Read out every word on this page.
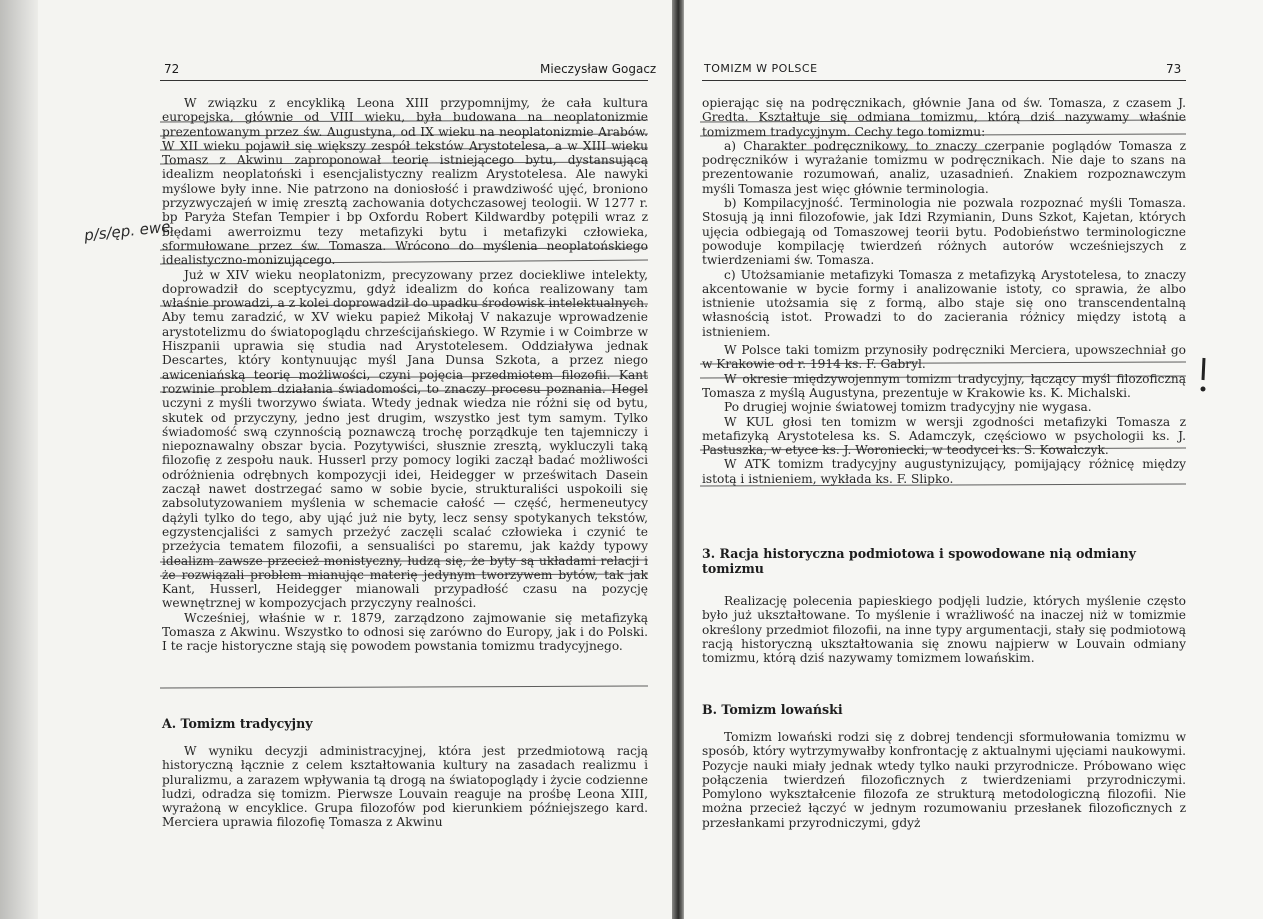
72	Mieczysław Gogacz
p/s/ęp. ewe

W związku z encykliką Leona XIII przypomnijmy, że cała kultura europejska, głównie od VIII wieku, była budowana na neoplatonizmie prezentowanym przez św. Augustyna, od IX wieku na neoplatonizmie Arabów. W XII wieku pojawił się większy zespół tekstów Arystotelesa, a w XIII wieku Tomasz z Akwinu zaproponował teorię istniejącego bytu, dystansującą idealizm neoplatoński i esencjalistyczny realizm Arystotelesa. Ale nawyki myślowe były inne. Nie patrzono na doniosłość i prawdziwość ujęć, broniono przyzwyczajeń w imię zresztą zachowania dotychczasowej teologii. W 1277 r. bp Paryża Stefan Tempier i bp Oxfordu Robert Kildwardby potępili wraz z błędami awerroizmu tezy metafizyki bytu i metafizyki człowieka, sformułowane przez św. Tomasza. Wrócono do myślenia neoplatońskiego idealistyczno-monizującego.

Już w XIV wieku neoplatonizm, precyzowany przez dociekliwe intelekty, doprowadził do sceptycyzmu, gdyż idealizm do końca realizowany tam właśnie prowadzi, a z kolei doprowadził do upadku środowisk intelektualnych. Aby temu zaradzić, w XV wieku papież Mikołaj V nakazuje wprowadzenie arystotelizmu do światopoglądu chrześcijańskiego. W Rzymie i w Coimbrze w Hiszpanii uprawia się studia nad Arystotelesem. Oddziaływa jednak Descartes, który kontynuując myśl Jana Dunsa Szkota, a przez niego awiceniańską teorię możliwości, czyni pojęcia przedmiotem filozofii. Kant rozwinie problem działania świadomości, to znaczy procesu poznania. Hegel uczyni z myśli tworzywo świata. Wtedy jednak wiedza nie różni się od bytu, skutek od przyczyny, jedno jest drugim, wszystko jest tym samym. Tylko świadomość swą czynnością poznawczą trochę porządkuje ten tajemniczy i niepoznawalny obszar bycia. Pozytywiści, słusznie zresztą, wykluczyli taką filozofię z zespołu nauk. Husserl przy pomocy logiki zaczął badać możliwości odróżnienia odrębnych kompozycji idei, Heidegger w prześwitach Dasein zaczął nawet dostrzegać samo w sobie bycie, strukturaliści uspokoili się zabsolutyzowaniem myślenia w schemacie całość — część, hermeneutycy dążyli tylko do tego, aby ująć już nie byty, lecz sensy spotykanych tekstów, egzystencjaliści z samych przeżyć zaczęli scalać człowieka i czynić te przeżycia tematem filozofii, a sensualiści po staremu, jak każdy typowy idealizm zawsze przecież monistyczny, łudzą się, że byty są układami relacji i że rozwiązali problem mianując materię jedynym tworzywem bytów, tak jak Kant, Husserl, Heidegger mianowali przypadłość czasu na pozycję wewnętrznej w kompozycjach przyczyny realności.

Wcześniej, właśnie w r. 1879, zarządzono zajmowanie się metafizyką Tomasza z Akwinu. Wszystko to odnosi się zarówno do Europy, jak i do Polski. I te racje historyczne stają się powodem powstania tomizmu tradycyjnego.

A. Tomizm tradycyjny

W wyniku decyzji administracyjnej, która jest przedmiotową racją historyczną łącznie z celem kształtowania kultury na zasadach realizmu i pluralizmu, a zarazem wpływania tą drogą na światopoglądy i życie codzienne ludzi, odradza się tomizm. Pierwsze Louvain reaguje na prośbę Leona XIII, wyrażoną w encyklice. Grupa filozofów pod kierunkiem późniejszego kard. Merciera uprawia filozofię Tomasza z Akwinu

TOMIZM W POLSCE	73

opierając się na podręcznikach, głównie Jana od św. Tomasza, z czasem J. Gredta. Kształtuje się odmiana tomizmu, którą dziś nazywamy właśnie tomizmem tradycyjnym. Cechy tego tomizmu:

a) Charakter podręcznikowy, to znaczy czerpanie poglądów Tomasza z podręczników i wyrażanie tomizmu w podręcznikach. Nie daje to szans na prezentowanie rozumowań, analiz, uzasadnień. Znakiem rozpoznawczym myśli Tomasza jest więc głównie terminologia.

b) Kompilacyjność. Terminologia nie pozwala rozpoznać myśli Tomasza. Stosują ją inni filozofowie, jak Idzi Rzymianin, Duns Szkot, Kajetan, których ujęcia odbiegają od Tomaszowej teorii bytu. Podobieństwo terminologiczne powoduje kompilację twierdzeń różnych autorów wcześniejszych z twierdzeniami św. Tomasza.

c) Utożsamianie metafizyki Tomasza z metafizyką Arystotelesa, to znaczy akcentowanie w bycie formy i analizowanie istoty, co sprawia, że albo istnienie utożsamia się z formą, albo staje się ono transcendentalną własnością istot. Prowadzi to do zacierania różnicy między istotą a istnieniem.

W Polsce taki tomizm przynosiły podręczniki Merciera, upowszechniał go w Krakowie od r. 1914 ks. F. Gabryl.

W okresie międzywojennym tomizm tradycyjny, łączący myśl filozoficzną Tomasza z myślą Augustyna, prezentuje w Krakowie ks. K. Michalski.

Po drugiej wojnie światowej tomizm tradycyjny nie wygasa.

W KUL głosi ten tomizm w wersji zgodności metafizyki Tomasza z metafizyką Arystotelesa ks. S. Adamczyk, częściowo w psychologii ks. J. Pastuszka, w etyce ks. J. Woroniecki, w teodycei ks. S. Kowalczyk.

W ATK tomizm tradycyjny augustynizujący, pomijający różnicę między istotą i istnieniem, wykłada ks. F. Slipko.

3. Racja historyczna podmiotowa i spowodowane nią odmiany tomizmu

Realizację polecenia papieskiego podjęli ludzie, których myślenie często było już ukształtowane. To myślenie i wrażliwość na inaczej niż w tomizmie określony przedmiot filozofii, na inne typy argumentacji, stały się podmiotową racją historyczną ukształtowania się znowu najpierw w Louvain odmiany tomizmu, którą dziś nazywamy tomizmem lowańskim.

B. Tomizm lowański

Tomizm lowański rodzi się z dobrej tendencji sformułowania tomizmu w sposób, który wytrzymywałby konfrontację z aktualnymi ujęciami naukowymi. Pozycje nauki miały jednak wtedy tylko nauki przyrodnicze. Próbowano więc połączenia twierdzeń filozoficznych z twierdzeniami przyrodniczymi. Pomylono wykształcenie filozofa ze strukturą metodologiczną filozofii. Nie można przecież łączyć w jednym rozumowaniu przesłanek filozoficznych z przesłankami przyrodniczymi, gdyż
